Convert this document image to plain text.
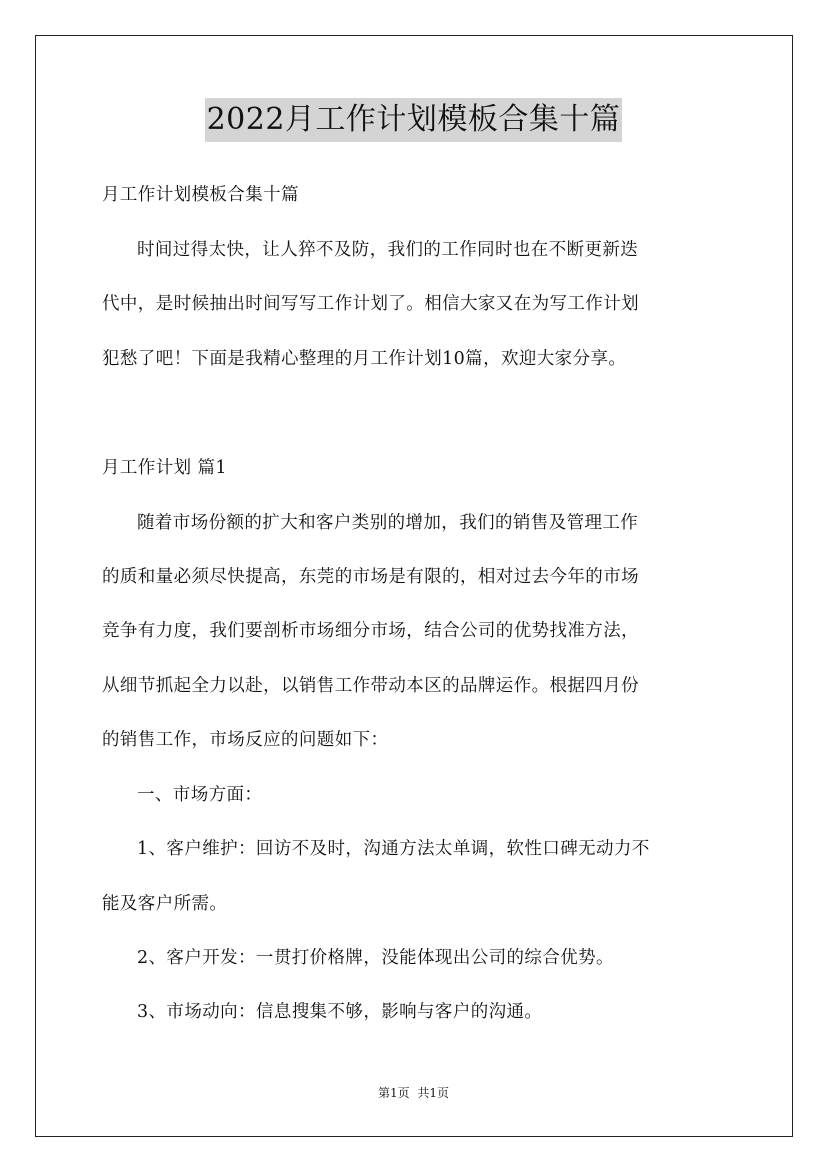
2022月工作计划模板合集十篇
月工作计划模板合集十篇
时间过得太快，让人猝不及防，我们的工作同时也在不断更新迭
代中，是时候抽出时间写写工作计划了。相信大家又在为写工作计划
犯愁了吧！下面是我精心整理的月工作计划10篇，欢迎大家分享。
月工作计划 篇1
随着市场份额的扩大和客户类别的增加，我们的销售及管理工作
的质和量必须尽快提高，东莞的市场是有限的，相对过去今年的市场
竞争有力度，我们要剖析市场细分市场，结合公司的优势找准方法，
从细节抓起全力以赴，以销售工作带动本区的品牌运作。根据四月份
的销售工作，市场反应的问题如下：
一、市场方面：
1、客户维护：回访不及时，沟通方法太单调，软性口碑无动力不
能及客户所需。
2、客户开发：一贯打价格牌，没能体现出公司的综合优势。
3、市场动向：信息搜集不够，影响与客户的沟通。
第1页 共1页
